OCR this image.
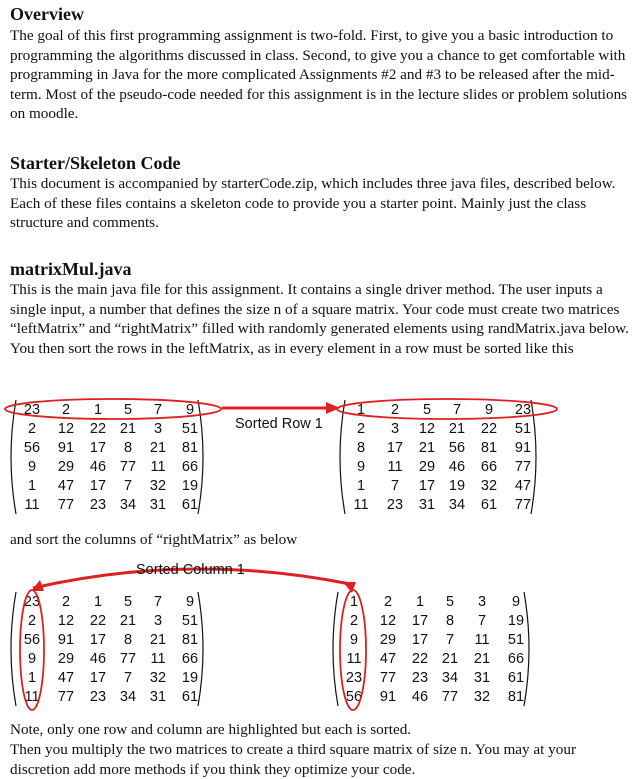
Overview

The goal of this first programming assignment is two-fold. First, to give you a basic introduction to programming the algorithms discussed in class. Second, to give you a chance to get comfortable with programming in Java for the more complicated Assignments #2 and #3 to be released after the mid-term. Most of the pseudo-code needed for this assignment is in the lecture slides or problem solutions on moodle.

Starter/Skeleton Code

This document is accompanied by starterCode.zip, which includes three java files, described below. Each of these files contains a skeleton code to provide you a starter point. Mainly just the class structure and comments.

matrixMul.java

This is the main java file for this assignment. It contains a single driver method. The user inputs a single input, a number that defines the size n of a square matrix. Your code must create two matrices “leftMatrix” and “rightMatrix” filled with randomly generated elements using randMatrix.java below. You then sort the rows in the leftMatrix, as in every element in a row must be sorted like this

23 2 1 5 7 9
2 12 22 21 3 51
56 91 17 8 21 81
9 29 46 77 11 66
1 47 17 7 32 19
11 77 23 34 31 61
1 2 5 7 9 23
2 3 12 21 22 51
8 17 21 56 81 91
9 11 29 46 66 77
1 7 17 19 32 47
11 23 31 34 61 77
Sorted Row 1

and sort the columns of “rightMatrix” as below

23 2 1 5 7 9
2 12 22 21 3 51
56 91 17 8 21 81
9 29 46 77 11 66
1 47 17 7 32 19
11 77 23 34 31 61
1 2 1 5 3 9
2 12 17 8 7 19
9 29 17 7 11 51
11 47 22 21 21 66
23 77 23 34 31 61
56 91 46 77 32 81
Sorted Column 1

Note, only one row and column are highlighted but each is sorted.

Then you multiply the two matrices to create a third square matrix of size n. You may at your discretion add more methods if you think they optimize your code.
